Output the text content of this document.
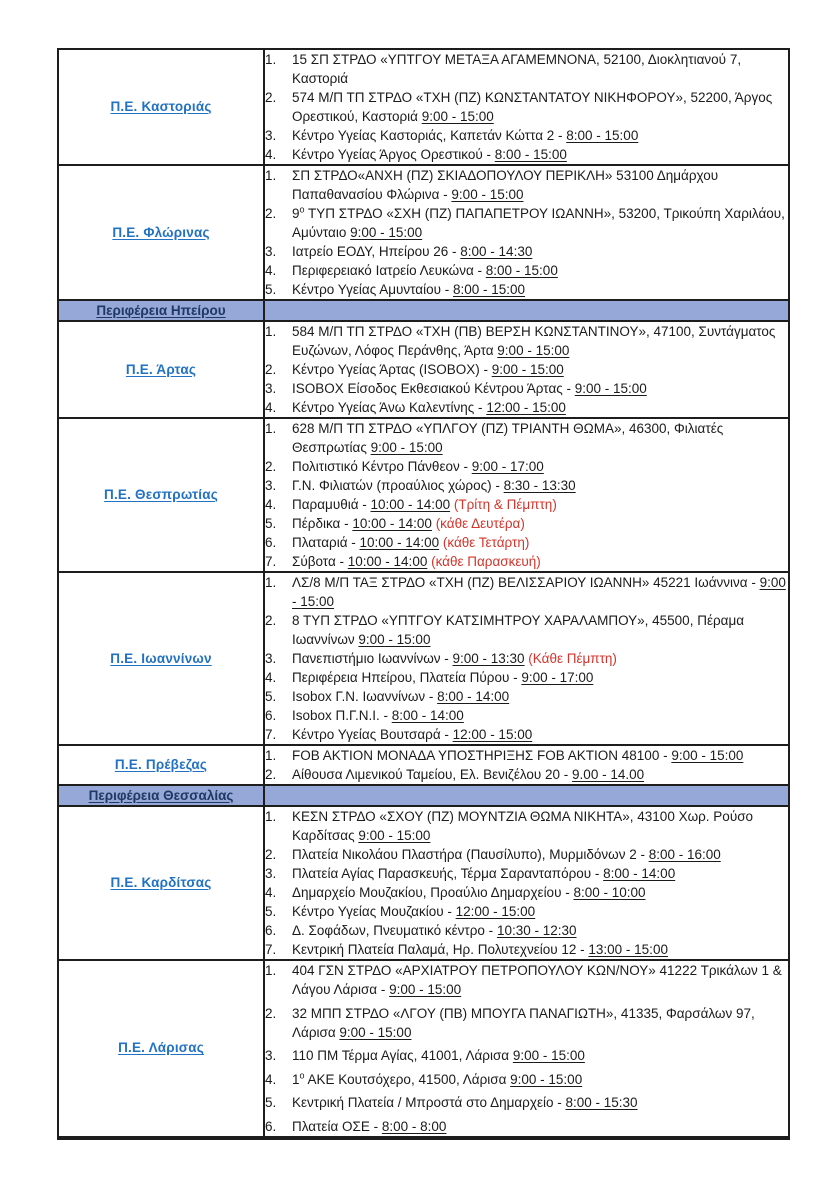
Π.Ε. Καστοριάς	
1.	15 ΣΠ ΣΤΡΔΟ «ΥΠΤΓΟΥ ΜΕΤΑΞΑ ΑΓΑΜΕΜΝΟΝΑ, 52100, Διοκλητιανού 7, Καστοριά
2.	574 Μ/Π ΤΠ ΣΤΡΔΟ «ΤΧΗ (ΠΖ) ΚΩΝΣΤΑΝΤΑΤΟΥ ΝΙΚΗΦΟΡΟΥ», 52200, Άργος Ορεστικού, Καστοριά 9:00 - 15:00
3.	Κέντρο Υγείας Καστοριάς, Καπετάν Κώττα 2 - 8:00 - 15:00
4.	Κέντρο Υγείας Άργος Ορεστικού - 8:00 - 15:00

Π.Ε. Φλώρινας	
1.	ΣΠ ΣΤΡΔΟ«ΑΝΧΗ (ΠΖ) ΣΚΙΑΔΟΠΟΥΛΟΥ ΠΕΡΙΚΛΗ» 53100 Δημάρχου Παπαθανασίου Φλώρινα - 9:00 - 15:00
2.	$9^o$ ΤΥΠ ΣΤΡΔΟ «ΣΧΗ (ΠΖ) ΠΑΠΑΠΕΤΡΟΥ ΙΩΑΝΝΗ», 53200, Τρικούπη Χαριλάου, Αμύνταιο 9:00 - 15:00
3.	Ιατρείο ΕΟΔΥ, Ηπείρου 26 - 8:00 - 14:30
4.	Περιφερειακό Ιατρείο Λευκώνα - 8:00 - 15:00
5.	Κέντρο Υγείας Αμυνταίου - 8:00 - 15:00

Περιφέρεια Ηπείρου	
Π.Ε. Άρτας	
1.	584 Μ/Π ΤΠ ΣΤΡΔΟ «ΤΧΗ (ΠΒ) ΒΕΡΣΗ ΚΩΝΣΤΑΝΤΙΝΟΥ», 47100, Συντάγματος Ευζώνων, Λόφος Περάνθης, Άρτα 9:00 - 15:00
2.	Κέντρο Υγείας Άρτας (ISOBOX) - 9:00 - 15:00
3.	ISOBOX Είσοδος Εκθεσιακού Κέντρου Άρτας - 9:00 - 15:00
4.	Κέντρο Υγείας Άνω Καλεντίνης - 12:00 - 15:00

Π.Ε. Θεσπρωτίας	
1.	628 Μ/Π ΤΠ ΣΤΡΔΟ «ΥΠΛΓΟΥ (ΠΖ) ΤΡΙΑΝΤΗ ΘΩΜΑ», 46300, Φιλιατές Θεσπρωτίας 9:00 - 15:00
2.	Πολιτιστικό Κέντρο Πάνθεον - 9:00 - 17:00
3.	Γ.Ν. Φιλιατών (προαύλιος χώρος) - 8:30 - 13:30
4.	Παραμυθιά - 10:00 - 14:00 (Τρίτη & Πέμπτη)
5.	Πέρδικα - 10:00 - 14:00 (κάθε Δευτέρα)
6.	Πλαταριά - 10:00 - 14:00 (κάθε Τετάρτη)
7.	Σύβοτα - 10:00 - 14:00 (κάθε Παρασκευή)

Π.Ε. Ιωαννίνων	
1.	ΛΣ/8 Μ/Π ΤΑΞ ΣΤΡΔΟ «ΤΧΗ (ΠΖ) ΒΕΛΙΣΣΑΡΙΟΥ ΙΩΑΝΝΗ» 45221 Ιωάννινα - 9:00 - 15:00
2.	8 ΤΥΠ ΣΤΡΔΟ «ΥΠΤΓΟΥ ΚΑΤΣΙΜΗΤΡΟΥ ΧΑΡΑΛΑΜΠΟΥ», 45500, Πέραμα Ιωαννίνων 9:00 - 15:00
3.	Πανεπιστήμιο Ιωαννίνων - 9:00 - 13:30 (Κάθε Πέμπτη)
4.	Περιφέρεια Ηπείρου, Πλατεία Πύρου - 9:00 - 17:00
5.	Isobox Γ.Ν. Ιωαννίνων - 8:00 - 14:00
6.	Isobox Π.Γ.Ν.Ι. - 8:00 - 14:00
7.	Κέντρο Υγείας Βουτσαρά - 12:00 - 15:00

Π.Ε. Πρέβεζας	1. FOB AKTION ΜΟΝΑΔΑ ΥΠΟΣΤΗΡΙΞΗΣ FOB AKTION 48100 - 9:00 - 15:00
2. Αίθουσα Λιμενικού Ταμείου, Ελ. Βενιζέλου 20 - 9.00 - 14.00

Περιφέρεια Θεσσαλίας	
Π.Ε. Καρδίτσας	
1.	ΚΕΣΝ ΣΤΡΔΟ «ΣΧΟΥ (ΠΖ) ΜΟΥΝΤΖΙΑ ΘΩΜΑ ΝΙΚΗΤΑ», 43100 Χωρ. Ρούσο Καρδίτσας 9:00 - 15:00
2.	Πλατεία Νικολάου Πλαστήρα (Παυσίλυπο), Μυρμιδόνων 2 - 8:00 - 16:00
3.	Πλατεία Αγίας Παρασκευής, Τέρμα Σαρανταπόρου - 8:00 - 14:00
4.	Δημαρχείο Μουζακίου, Προαύλιο Δημαρχείου - 8:00 - 10:00
5.	Κέντρο Υγείας Μουζακίου - 12:00 - 15:00
6.	Δ. Σοφάδων, Πνευματικό κέντρο - 10:30 - 12:30
7.	Κεντρική Πλατεία Παλαμά, Ηρ. Πολυτεχνείου 12 - 13:00 - 15:00

Π.Ε. Λάρισας	
1.	404 ΓΣΝ ΣΤΡΔΟ «ΑΡΧΙΑΤΡΟΥ ΠΕΤΡΟΠΟΥΛΟΥ ΚΩΝ/ΝΟΥ» 41222 Τρικάλων 1 & Λάγου Λάρισα - 9:00 - 15:00
2.	32 ΜΠΠ ΣΤΡΔΟ «ΛΓΟΥ (ΠΒ) ΜΠΟΥΓΑ ΠΑΝΑΓΙΩΤΗ», 41335, Φαρσάλων 97, Λάρισα 9:00 - 15:00
3.	110 ΠΜ Τέρμα Αγίας, 41001, Λάρισα 9:00 - 15:00
4.	$1^o$ ΑΚΕ Κουτσόχερο, 41500, Λάρισα 9:00 - 15:00
5.	Κεντρική Πλατεία / Μπροστά στο Δημαρχείο - 8:00 - 15:30
6.	Πλατεία ΟΣΕ - 8:00 - 8:00
